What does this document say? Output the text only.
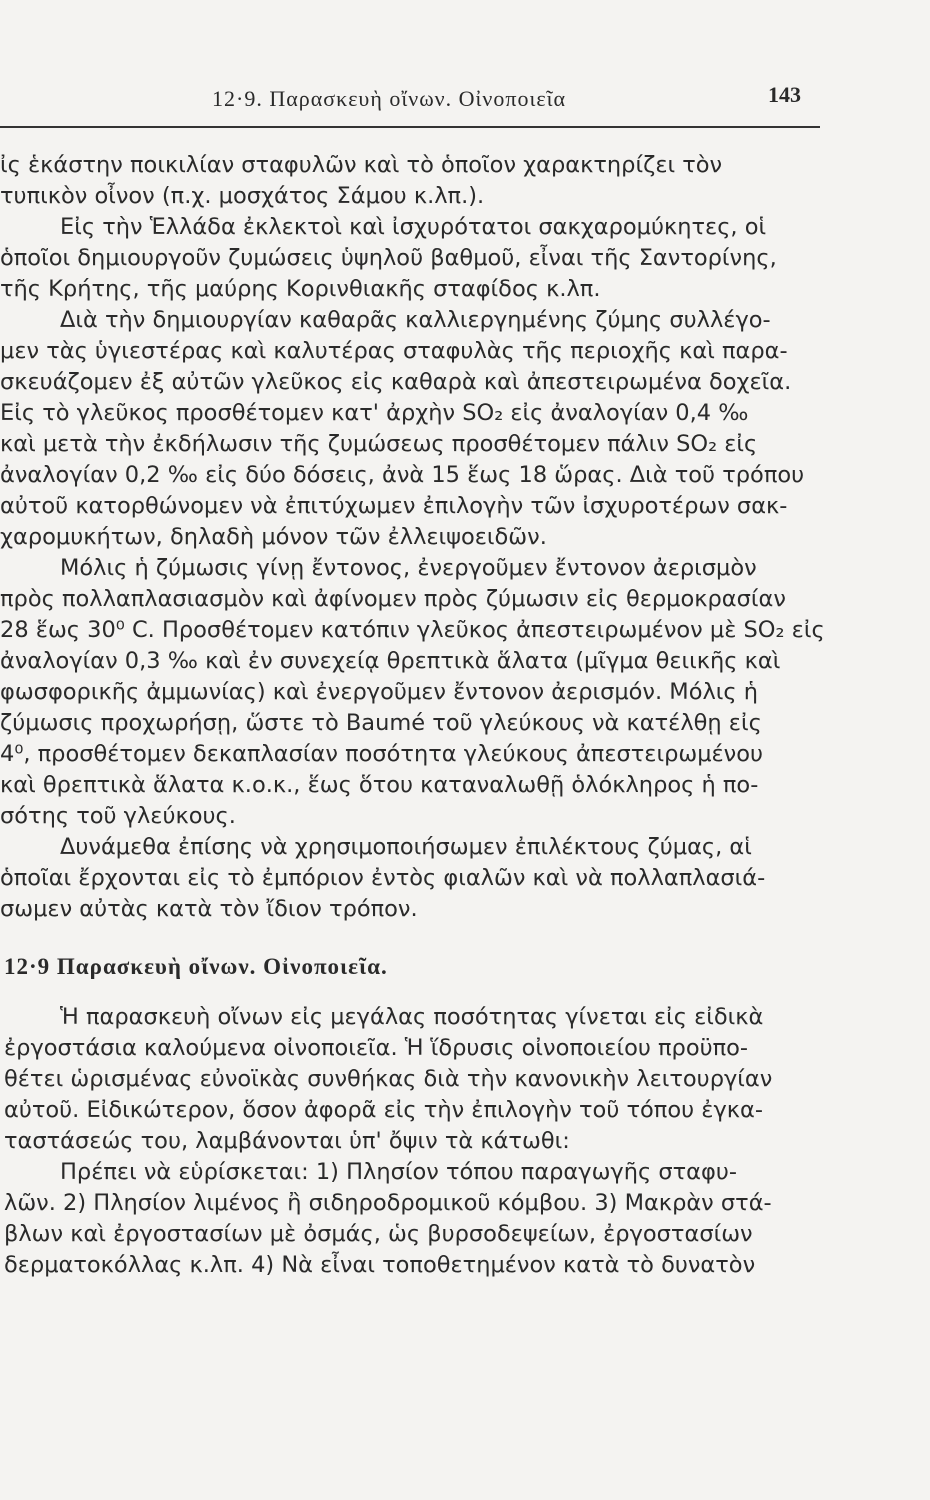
12·9. Παρασκευὴ οἴνων. Οἰνοποιεῖα	143
ἰς ἑκάστην ποικιλίαν σταφυλῶν καὶ τὸ ὁποῖον χαρακτηρίζει τὸν
τυπικὸν οἶνον (π.χ. μοσχάτος Σάμου κ.λπ.).
Εἰς τὴν Ἑλλάδα ἐκλεκτοὶ καὶ ἰσχυρότατοι σακχαρομύκητες, οἱ
ὁποῖοι δημιουργοῦν ζυμώσεις ὑψηλοῦ βαθμοῦ, εἶναι τῆς Σαντορίνης,
τῆς Κρήτης, τῆς μαύρης Κορινθιακῆς σταφίδος κ.λπ.
Διὰ τὴν δημιουργίαν καθαρᾶς καλλιεργημένης ζύμης συλλέγο-
μεν τὰς ὑγιεστέρας καὶ καλυτέρας σταφυλὰς τῆς περιοχῆς καὶ παρα-
σκευάζομεν ἐξ αὐτῶν γλεῦκος εἰς καθαρὰ καὶ ἀπεστειρωμένα δοχεῖα.
Εἰς τὸ γλεῦκος προσθέτομεν κατ' ἀρχὴν SO₂ εἰς ἀναλογίαν 0,4 ‰
καὶ μετὰ τὴν ἐκδήλωσιν τῆς ζυμώσεως προσθέτομεν πάλιν SO₂ εἰς
ἀναλογίαν 0,2 ‰ εἰς δύο δόσεις, ἀνὰ 15 ἕως 18 ὥρας. Διὰ τοῦ τρόπου
αὐτοῦ κατορθώνομεν νὰ ἐπιτύχωμεν ἐπιλογὴν τῶν ἰσχυροτέρων σακ-
χαρομυκήτων, δηλαδὴ μόνον τῶν ἐλλειψοειδῶν.
Μόλις ἡ ζύμωσις γίνῃ ἔντονος, ἐνεργοῦμεν ἔντονον ἀερισμὸν
πρὸς πολλαπλασιασμὸν καὶ ἀφίνομεν πρὸς ζύμωσιν εἰς θερμοκρασίαν
28 ἕως 30⁰ C. Προσθέτομεν κατόπιν γλεῦκος ἀπεστειρωμένον μὲ SO₂ εἰς
ἀναλογίαν 0,3 ‰ καὶ ἐν συνεχείᾳ θρεπτικὰ ἅλατα (μῖγμα θειικῆς καὶ
φωσφορικῆς ἀμμωνίας) καὶ ἐνεργοῦμεν ἔντονον ἀερισμόν. Μόλις ἡ
ζύμωσις προχωρήσῃ, ὥστε τὸ Baumé τοῦ γλεύκους νὰ κατέλθῃ εἰς
4⁰, προσθέτομεν δεκαπλασίαν ποσότητα γλεύκους ἀπεστειρωμένου
καὶ θρεπτικὰ ἅλατα κ.ο.κ., ἕως ὅτου καταναλωθῇ ὁλόκληρος ἡ πο-
σότης τοῦ γλεύκους.
Δυνάμεθα ἐπίσης νὰ χρησιμοποιήσωμεν ἐπιλέκτους ζύμας, αἱ
ὁποῖαι ἔρχονται εἰς τὸ ἐμπόριον ἐντὸς φιαλῶν καὶ νὰ πολλαπλασιά-
σωμεν αὐτὰς κατὰ τὸν ἴδιον τρόπον.
12·9 Παρασκευὴ οἴνων. Οἰνοποιεῖα.
Ἡ παρασκευὴ οἴνων εἰς μεγάλας ποσότητας γίνεται εἰς εἰδικὰ
ἐργοστάσια καλούμενα οἰνοποιεῖα. Ἡ ἵδρυσις οἰνοποιείου προϋπο-
θέτει ὡρισμένας εὐνοϊκὰς συνθήκας διὰ τὴν κανονικὴν λειτουργίαν
αὐτοῦ. Εἰδικώτερον, ὅσον ἀφορᾶ εἰς τὴν ἐπιλογὴν τοῦ τόπου ἐγκα-
ταστάσεώς του, λαμβάνονται ὑπ' ὄψιν τὰ κάτωθι:
Πρέπει νὰ εὑρίσκεται: 1) Πλησίον τόπου παραγωγῆς σταφυ-
λῶν. 2) Πλησίον λιμένος ἢ σιδηροδρομικοῦ κόμβου. 3) Μακρὰν στά-
βλων καὶ ἐργοστασίων μὲ ὀσμάς, ὡς βυρσοδεψείων, ἐργοστασίων
δερματοκόλλας κ.λπ. 4) Νὰ εἶναι τοποθετημένον κατὰ τὸ δυνατὸν
